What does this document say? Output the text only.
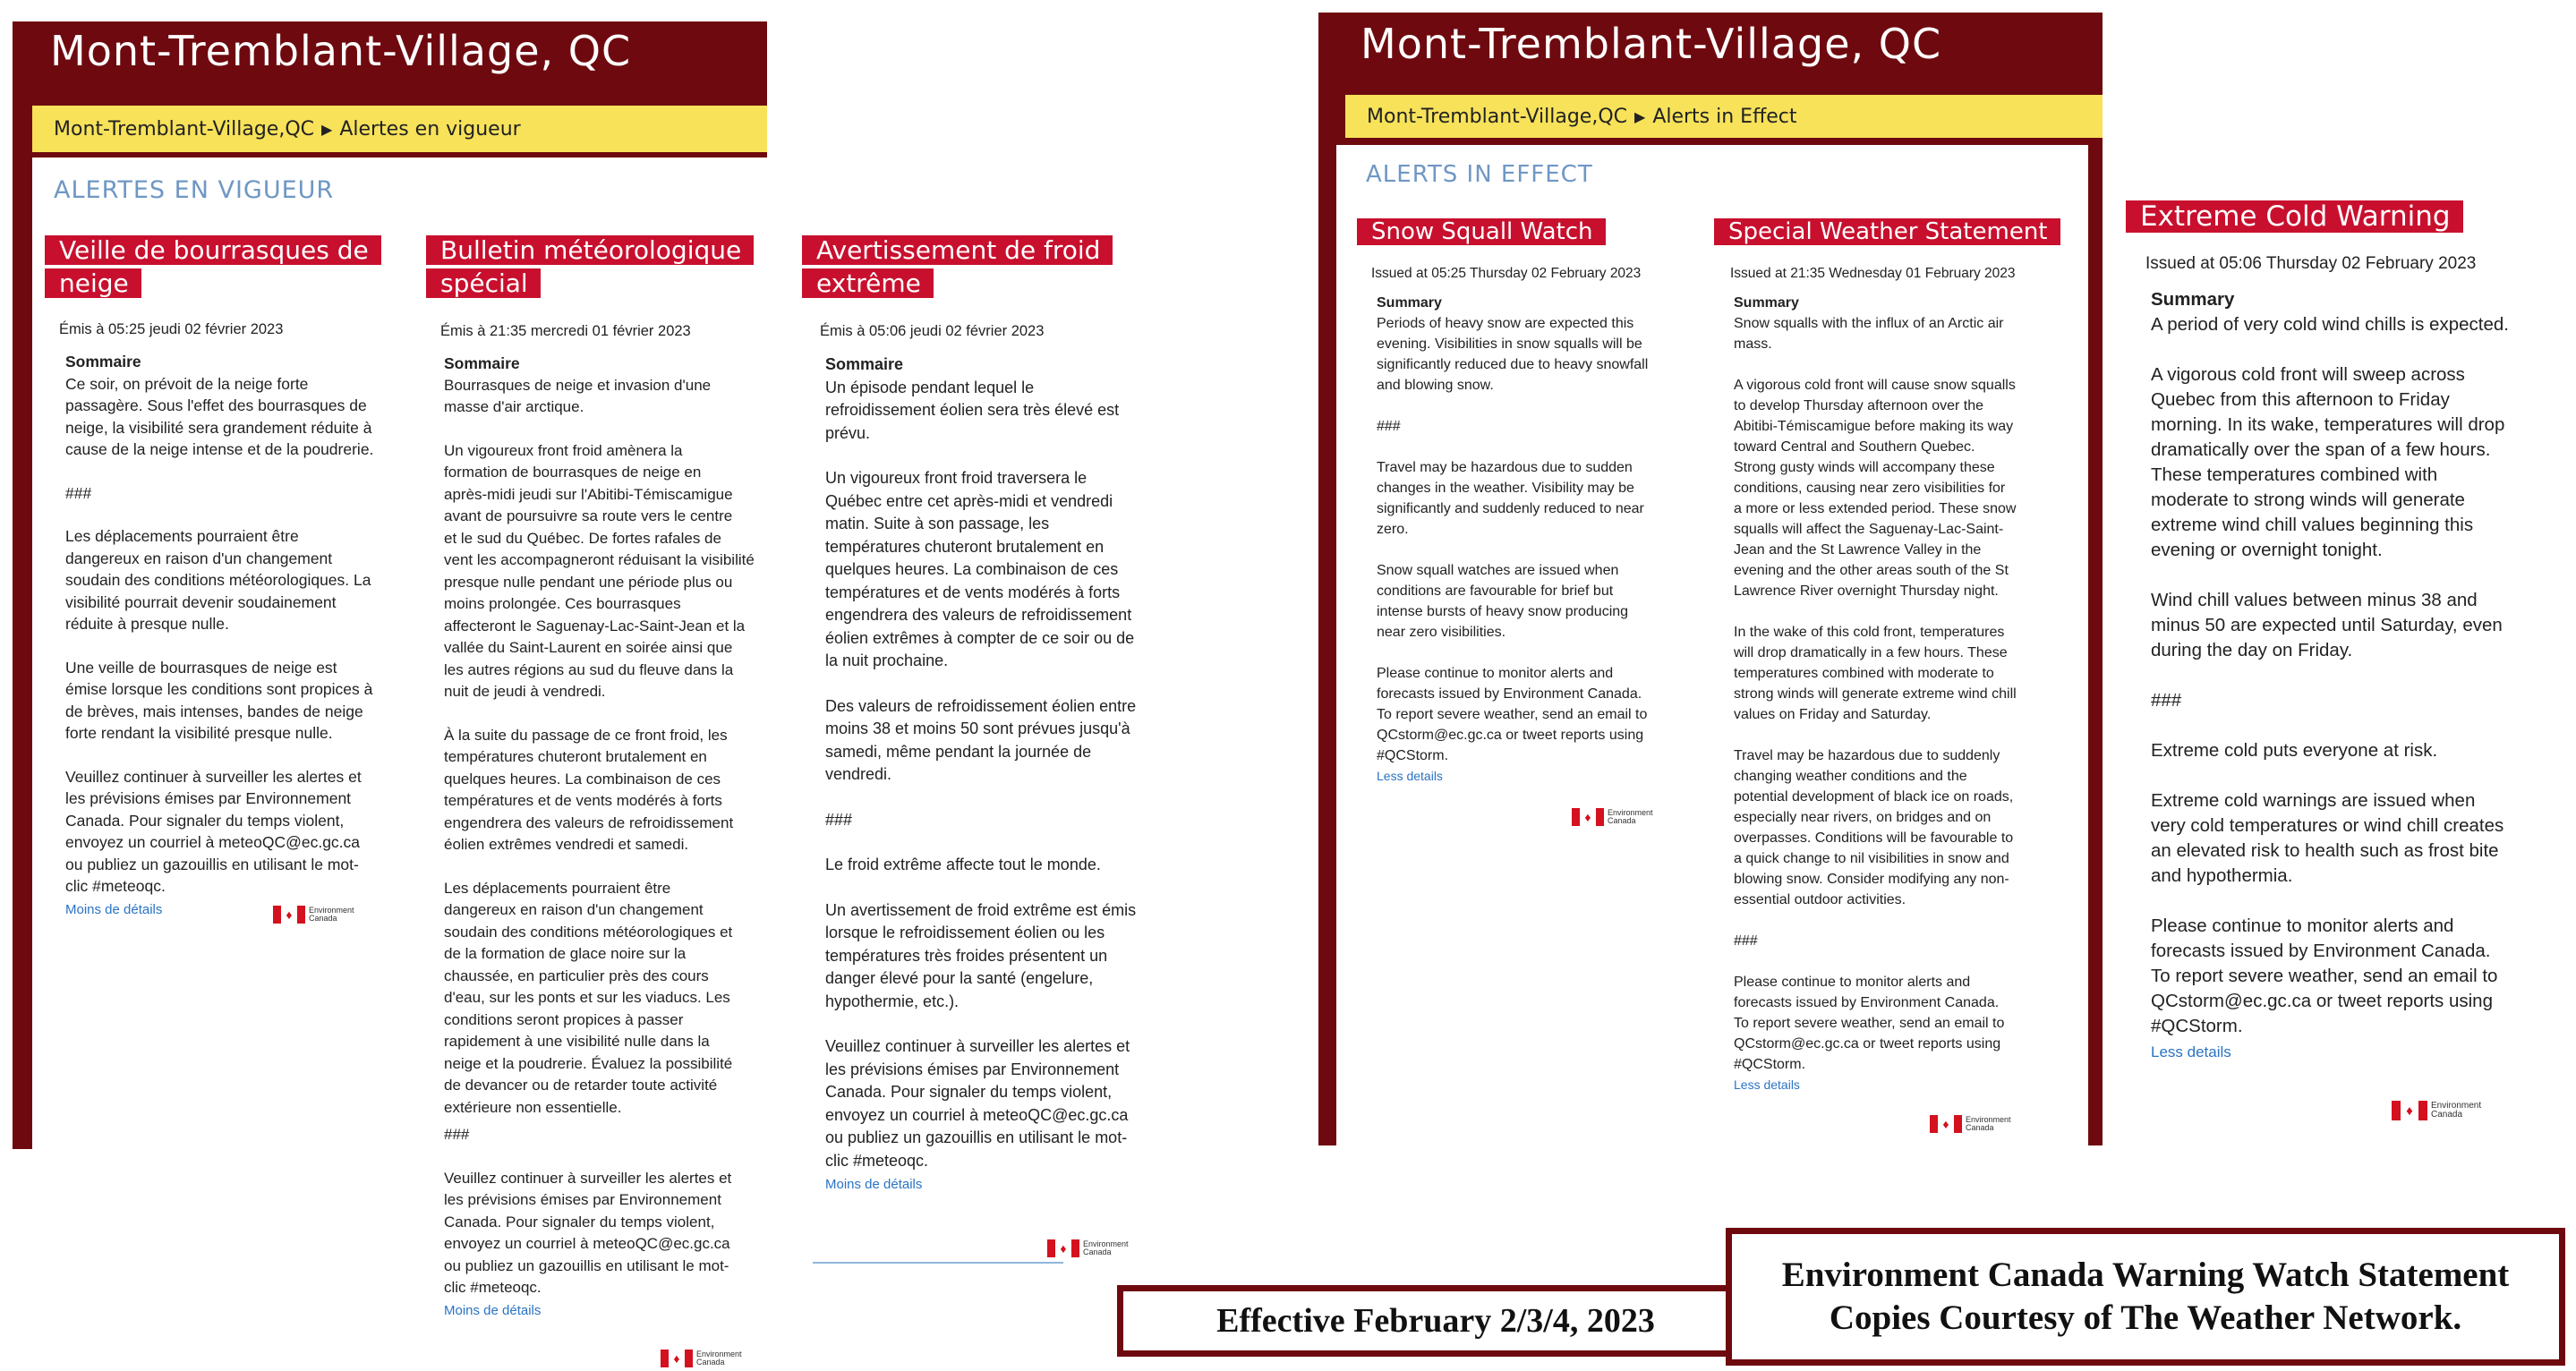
Mont-Tremblant-Village, QC
Mont-Tremblant-Village,QC ▶ Alertes en vigueur
ALERTES EN VIGUEUR
Veille de bourrasques de neige
Émis à 05:25 jeudi 02 février 2023
Sommaire

Ce soir, on prévoit de la neige forte
passagère. Sous l'effet des bourrasques de
neige, la visibilité sera grandement réduite à
cause de la neige intense et de la poudrerie.

###

Les déplacements pourraient être
dangereux en raison d'un changement
soudain des conditions météorologiques. La
visibilité pourrait devenir soudainement
réduite à presque nulle.

Une veille de bourrasques de neige est
émise lorsque les conditions sont propices à
de brèves, mais intenses, bandes de neige
forte rendant la visibilité presque nulle.

Veuillez continuer à surveiller les alertes et
les prévisions émises par Environnement
Canada. Pour signaler du temps violent,
envoyez un courriel à meteoQC@ec.gc.ca
ou publiez un gazouillis en utilisant le mot-
clic #meteoqc.

Moins de détails	♦	Environment
Canada
Bulletin météorologique spécial
Émis à 21:35 mercredi 01 février 2023
Sommaire

Bourrasques de neige et invasion d'une
masse d'air arctique.

Un vigoureux front froid amènera la
formation de bourrasques de neige en
après-midi jeudi sur l'Abitibi-Témiscamigue
avant de poursuivre sa route vers le centre
et le sud du Québec. De fortes rafales de
vent les accompagneront réduisant la visibilité
presque nulle pendant une période plus ou
moins prolongée. Ces bourrasques
affecteront le Saguenay-Lac-Saint-Jean et la
vallée du Saint-Laurent en soirée ainsi que
les autres régions au sud du fleuve dans la
nuit de jeudi à vendredi.

À la suite du passage de ce front froid, les
températures chuteront brutalement en
quelques heures. La combinaison de ces
températures et de vents modérés à forts
engendrera des valeurs de refroidissement
éolien extrêmes vendredi et samedi.

Les déplacements pourraient être
dangereux en raison d'un changement
soudain des conditions météorologiques et
de la formation de glace noire sur la
chaussée, en particulier près des cours
d'eau, sur les ponts et sur les viaducs. Les
conditions seront propices à passer
rapidement à une visibilité nulle dans la
neige et la poudrerie. Évaluez la possibilité
de devancer ou de retarder toute activité
extérieure non essentielle.

###

Veuillez continuer à surveiller les alertes et
les prévisions émises par Environnement
Canada. Pour signaler du temps violent,
envoyez un courriel à meteoQC@ec.gc.ca
ou publiez un gazouillis en utilisant le mot-
clic #meteoqc.

Moins de détails
♦	Environment
Canada
Avertissement de froid extrême
Émis à 05:06 jeudi 02 février 2023
Sommaire

Un épisode pendant lequel le
refroidissement éolien sera très élevé est
prévu.

Un vigoureux front froid traversera le
Québec entre cet après-midi et vendredi
matin. Suite à son passage, les
températures chuteront brutalement en
quelques heures. La combinaison de ces
températures et de vents modérés à forts
engendrera des valeurs de refroidissement
éolien extrêmes à compter de ce soir ou de
la nuit prochaine.

Des valeurs de refroidissement éolien entre
moins 38 et moins 50 sont prévues jusqu'à
samedi, même pendant la journée de
vendredi.

###

Le froid extrême affecte tout le monde.

Un avertissement de froid extrême est émis
lorsque le refroidissement éolien ou les
températures très froides présentent un
danger élevé pour la santé (engelure,
hypothermie, etc.).

Veuillez continuer à surveiller les alertes et
les prévisions émises par Environnement
Canada. Pour signaler du temps violent,
envoyez un courriel à meteoQC@ec.gc.ca
ou publiez un gazouillis en utilisant le mot-
clic #meteoqc.

Moins de détails
♦	Environment
Canada
Mont-Tremblant-Village, QC
Mont-Tremblant-Village,QC ▶ Alerts in Effect
ALERTS IN EFFECT
Snow Squall Watch
Issued at 05:25 Thursday 02 February 2023
Summary

Periods of heavy snow are expected this
evening. Visibilities in snow squalls will be
significantly reduced due to heavy snowfall
and blowing snow.

###

Travel may be hazardous due to sudden
changes in the weather. Visibility may be
significantly and suddenly reduced to near
zero.

Snow squall watches are issued when
conditions are favourable for brief but
intense bursts of heavy snow producing
near zero visibilities.

Please continue to monitor alerts and
forecasts issued by Environment Canada.
To report severe weather, send an email to
QCstorm@ec.gc.ca or tweet reports using
#QCStorm.

Less details
♦	Environment
Canada
Special Weather Statement
Issued at 21:35 Wednesday 01 February 2023
Summary

Snow squalls with the influx of an Arctic air
mass.

A vigorous cold front will cause snow squalls
to develop Thursday afternoon over the
Abitibi-Témiscamigue before making its way
toward Central and Southern Quebec.
Strong gusty winds will accompany these
conditions, causing near zero visibilities for
a more or less extended period. These snow
squalls will affect the Saguenay-Lac-Saint-
Jean and the St Lawrence Valley in the
evening and the other areas south of the St
Lawrence River overnight Thursday night.

In the wake of this cold front, temperatures
will drop dramatically in a few hours. These
temperatures combined with moderate to
strong winds will generate extreme wind chill
values on Friday and Saturday.

Travel may be hazardous due to suddenly
changing weather conditions and the
potential development of black ice on roads,
especially near rivers, on bridges and on
overpasses. Conditions will be favourable to
a quick change to nil visibilities in snow and
blowing snow. Consider modifying any non-
essential outdoor activities.

###

Please continue to monitor alerts and
forecasts issued by Environment Canada.
To report severe weather, send an email to
QCstorm@ec.gc.ca or tweet reports using
#QCStorm.

Less details
♦	Environment
Canada
Extreme Cold Warning
Issued at 05:06 Thursday 02 February 2023
Summary

A period of very cold wind chills is expected.

A vigorous cold front will sweep across
Quebec from this afternoon to Friday
morning. In its wake, temperatures will drop
dramatically over the span of a few hours.
These temperatures combined with
moderate to strong winds will generate
extreme wind chill values beginning this
evening or overnight tonight.

Wind chill values between minus 38 and
minus 50 are expected until Saturday, even
during the day on Friday.

###

Extreme cold puts everyone at risk.

Extreme cold warnings are issued when
very cold temperatures or wind chill creates
an elevated risk to health such as frost bite
and hypothermia.

Please continue to monitor alerts and
forecasts issued by Environment Canada.
To report severe weather, send an email to
QCstorm@ec.gc.ca or tweet reports using
#QCStorm.

Less details
♦	Environment
Canada
Effective February 2/3/4, 2023
Environment Canada Warning Watch Statement
Copies Courtesy of The Weather Network.
